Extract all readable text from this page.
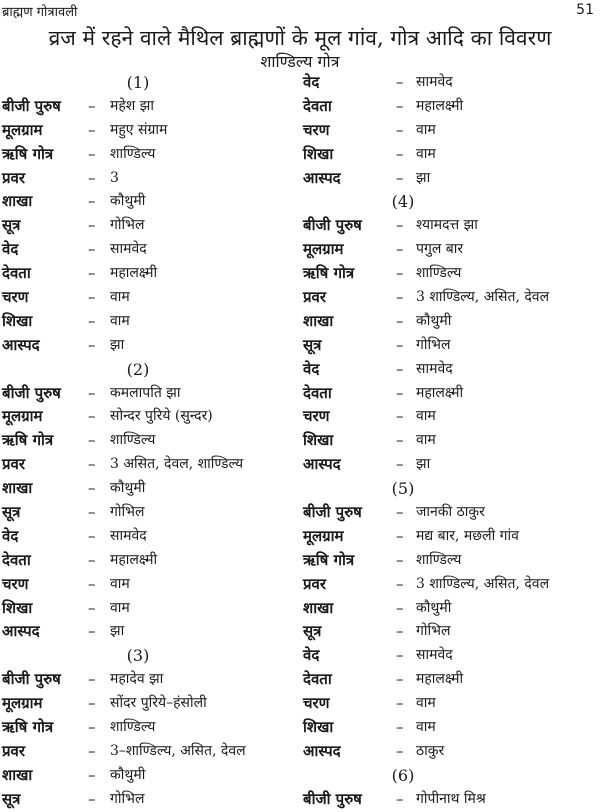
ब्राह्मण गोत्रावली	51
व्रज में रहने वाले मैथिल ब्राह्मणों के मूल गांव, गोत्र आदि का विवरण
शाण्डिल्य गोत्र
(1)
बीजी पुरुष – महेश झा
मूलग्राम	– महुए संग्राम
ऋषि गोत्र – शाण्डिल्य
प्रवर	– 3
शाखा	– कौथुमी
सूत्र	– गोभिल
वेद	– सामवेद
देवता	– महालक्ष्मी
चरण	– वाम
शिखा	– वाम
आस्पद	– झा
(2)
बीजी पुरुष – कमलापति झा
मूलग्राम	– सोन्दर पुरिये (सुन्दर)
ऋषि गोत्र – शाण्डिल्य
प्रवर	– 3 असित, देवल, शाण्डिल्य
शाखा	– कौथुमी
सूत्र	– गोभिल
वेद	– सामवेद
देवता	– महालक्ष्मी
चरण	– वाम
शिखा	– वाम
आस्पद	– झा
(3)
बीजी पुरुष – महादेव झा
मूलग्राम	– सोंदर पुरिये–हंसोली
ऋषि गोत्र – शाण्डिल्य
प्रवर	– 3–शाण्डिल्य, असित, देवल
शाखा	– कौथुमी
सूत्र	– गोभिल
वेद	– सामवेद
देवता	– महालक्ष्मी
चरण	– वाम
शिखा	– वाम
आस्पद	– झा
(4)
बीजी पुरुष – श्यामदत्त झा
मूलग्राम	– पगुल बार
ऋषि गोत्र	– शाण्डिल्य
प्रवर	– 3 शाण्डिल्य, असित, देवल
शाखा	– कौथुमी
सूत्र	– गोभिल
वेद	– सामवेद
देवता	– महालक्ष्मी
चरण	– वाम
शिखा	– वाम
आस्पद	– झा
(5)
बीजी पुरुष – जानकी ठाकुर
मूलग्राम	– मद्य बार, मछली गांव
ऋषि गोत्र	– शाण्डिल्य
प्रवर	– 3 शाण्डिल्य, असित, देवल
शाखा	– कौथुमी
सूत्र	– गोभिल
वेद	– सामवेद
देवता	– महालक्ष्मी
चरण	– वाम
शिखा	– वाम
आस्पद	– ठाकुर
(6)
बीजी पुरुष – गोपीनाथ मिश्र
